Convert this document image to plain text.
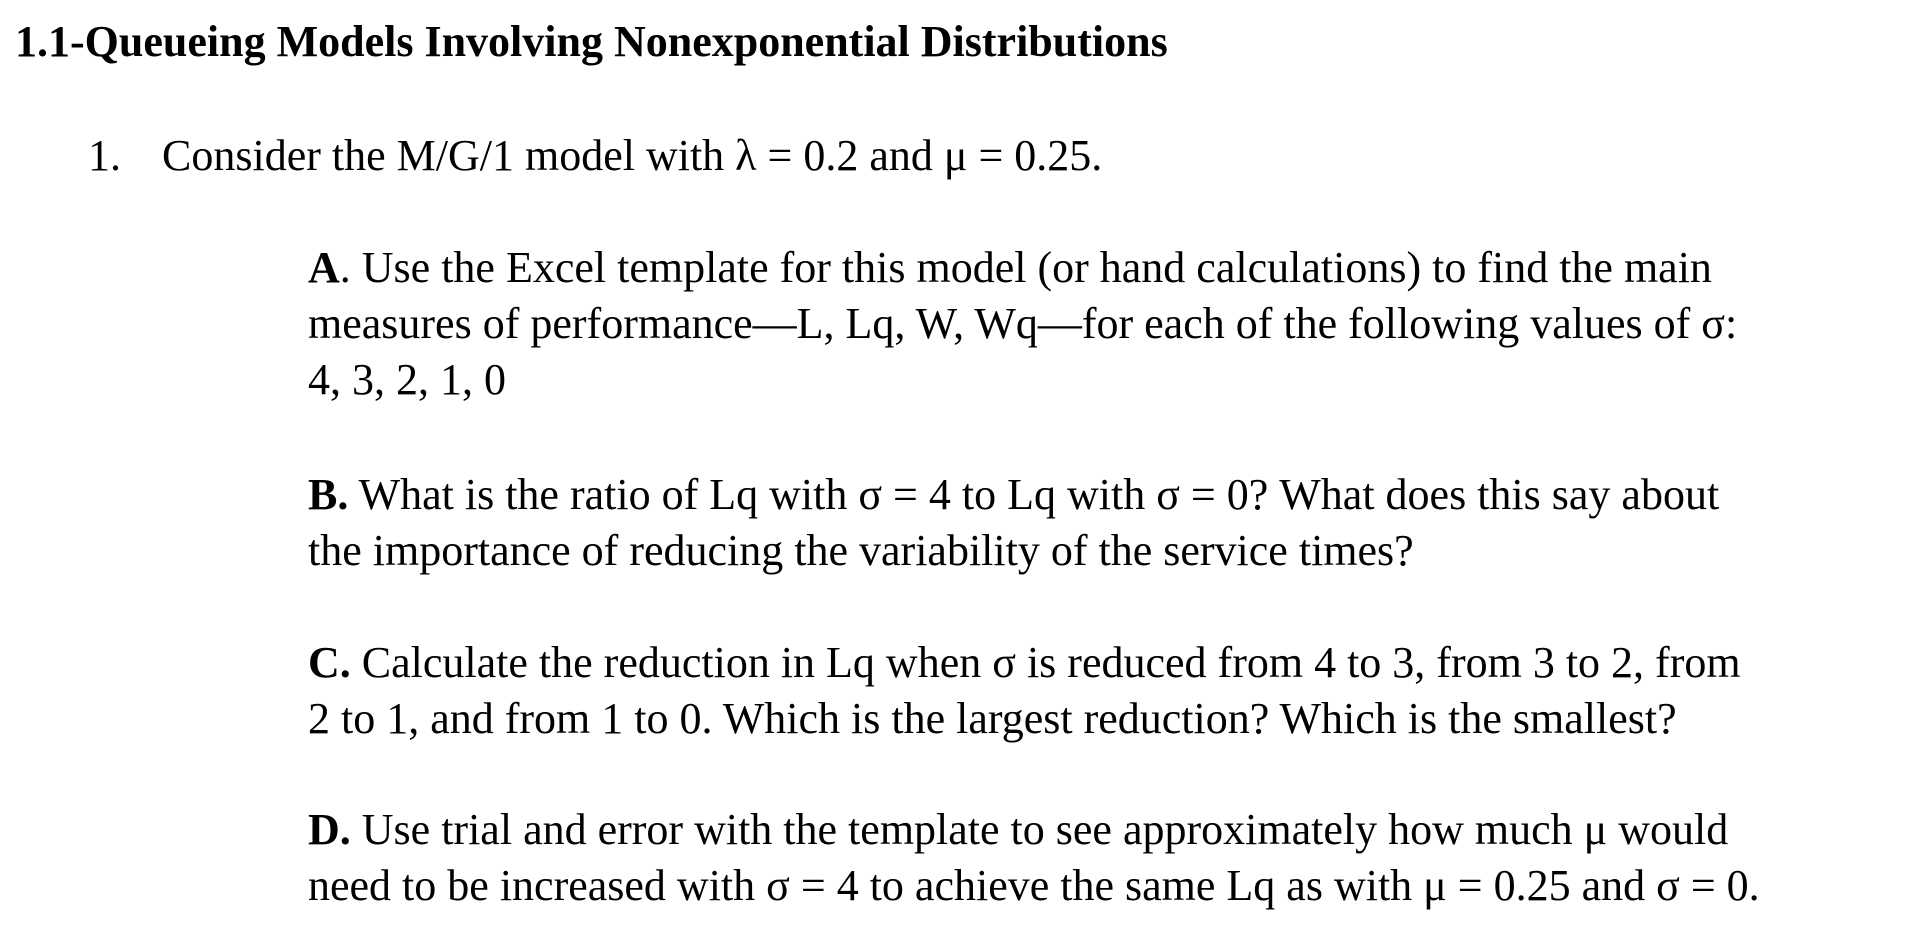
1.1-Queueing Models Involving Nonexponential Distributions
1. Consider the M/G/1 model with λ = 0.2 and μ = 0.25.
A. Use the Excel template for this model (or hand calculations) to find the main
measures of performance—L, Lq, W, Wq—for each of the following values of σ:
4, 3, 2, 1, 0
B. What is the ratio of Lq with σ = 4 to Lq with σ = 0? What does this say about
the importance of reducing the variability of the service times?
C. Calculate the reduction in Lq when σ is reduced from 4 to 3, from 3 to 2, from
2 to 1, and from 1 to 0. Which is the largest reduction? Which is the smallest?
D. Use trial and error with the template to see approximately how much μ would
need to be increased with σ = 4 to achieve the same Lq as with μ = 0.25 and σ = 0.
